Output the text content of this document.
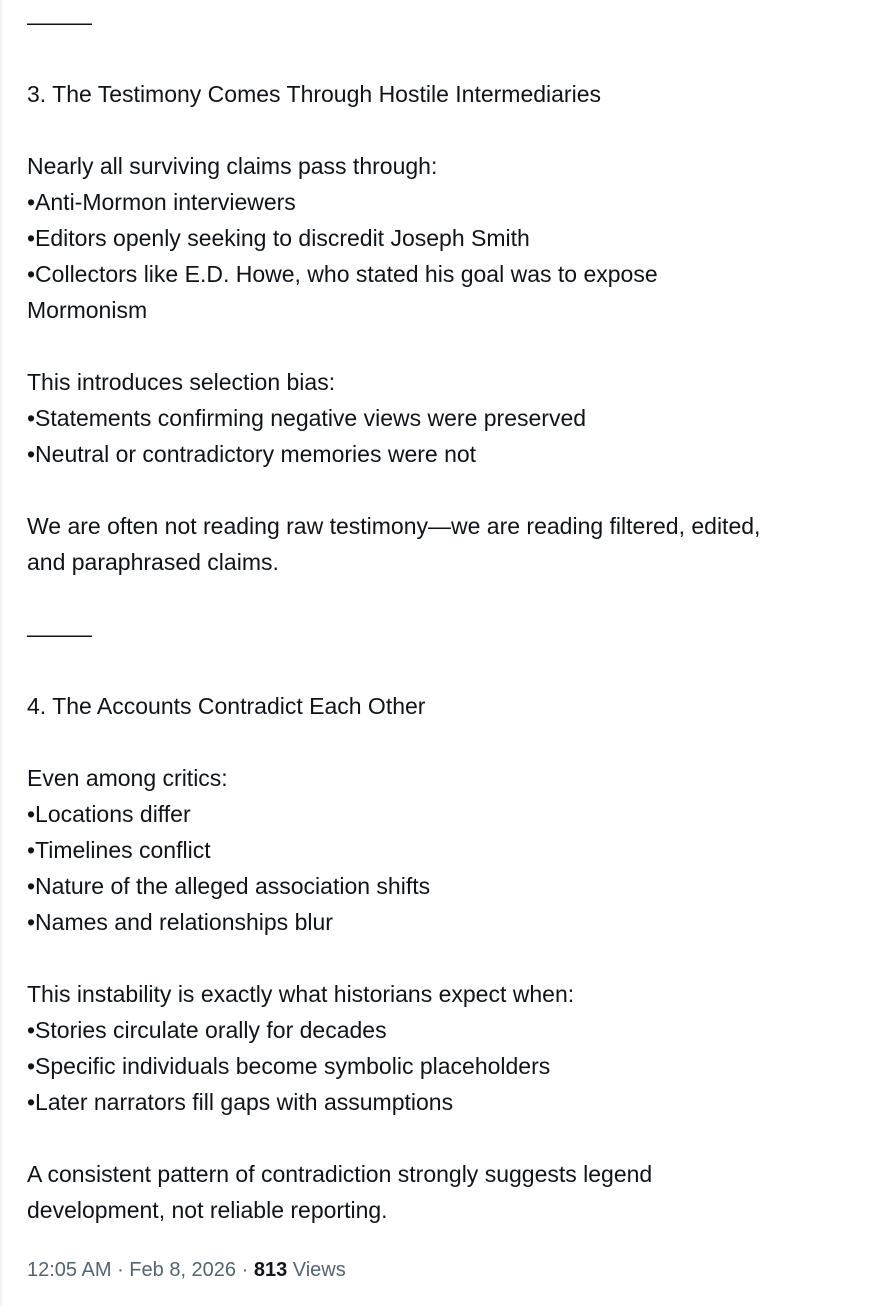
———
3. The Testimony Comes Through Hostile Intermediaries
Nearly all surviving claims pass through:
•Anti-Mormon interviewers
•Editors openly seeking to discredit Joseph Smith
•Collectors like E.D. Howe, who stated his goal was to expose
Mormonism
This introduces selection bias:
•Statements confirming negative views were preserved
•Neutral or contradictory memories were not
We are often not reading raw testimony—we are reading filtered, edited,
and paraphrased claims.
———
4. The Accounts Contradict Each Other
Even among critics:
•Locations differ
•Timelines conflict
•Nature of the alleged association shifts
•Names and relationships blur
This instability is exactly what historians expect when:
•Stories circulate orally for decades
•Specific individuals become symbolic placeholders
•Later narrators fill gaps with assumptions
A consistent pattern of contradiction strongly suggests legend
development, not reliable reporting.
12:05 AM · Feb 8, 2026 · 813 Views
